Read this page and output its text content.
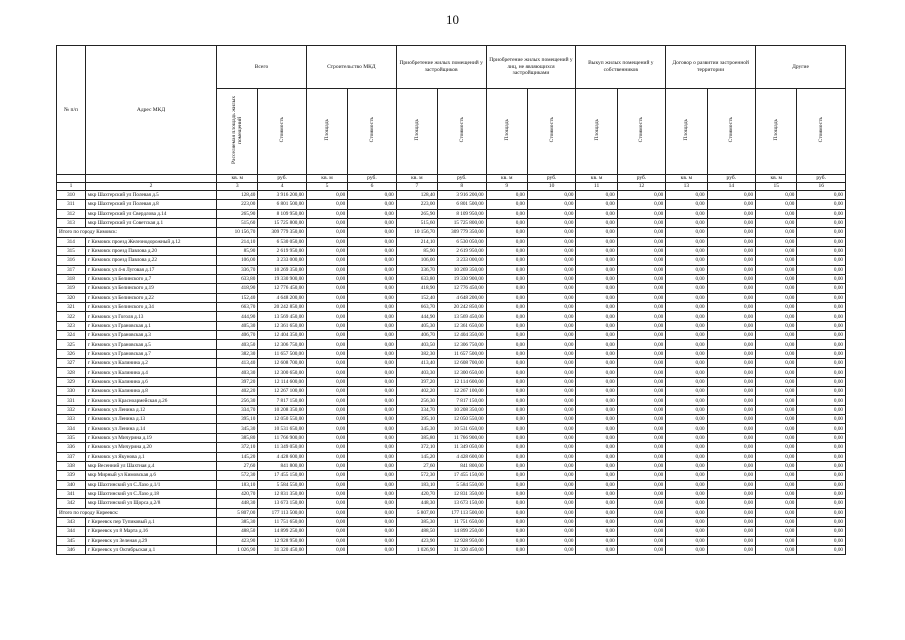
10
№ п/п	Адрес МКД	Всего		Строительство МКД		Приобретение жилых помещений у застройщиков		Приобретение жилых помещений у лиц, не являющихся застройщиками		Выкуп жилых помещений у собственников		Договор о развитии застроенной территории		Другие	
		Расселяемая площадь жилых помещений	Стоимость	Площадь	Стоимость	Площадь	Стоимость	Площадь	Стоимость	Площадь	Стоимость	Площадь	Стоимость	Площадь	Стоимость
		кв. м	руб.	кв. м	руб.	кв. м	руб.	кв. м	руб.	кв. м	руб.	кв. м	руб.	кв. м	руб.
1	2	3	4	5	6	7	8	9	10	11	12	13	14	15	16
310	мкр Шахтерский ул Полевая д.5	128,40	3 916 200,00	0,00	0,00	128,40	3 916 200,00	0,00	0,00	0,00	0,00	0,00	0,00	0,00	0,00
311	мкр Шахтерский ул Полевая д.8	223,00	6 801 500,00	0,00	0,00	223,00	6 801 500,00	0,00	0,00	0,00	0,00	0,00	0,00	0,00	0,00
312	мкр Шахтерский ул Свердлова д.14	265,90	8 109 950,00	0,00	0,00	265,90	8 109 950,00	0,00	0,00	0,00	0,00	0,00	0,00	0,00	0,00
313	мкр Шахтерский ул Советская д.1	515,60	15 725 800,00	0,00	0,00	515,60	15 725 800,00	0,00	0,00	0,00	0,00	0,00	0,00	0,00	0,00
Итого по городу Кимовск:		10 156,70	309 779 350,00	0,00	0,00	10 156,70	309 779 350,00	0,00	0,00	0,00	0,00	0,00	0,00	0,00	0,00
314	г Кимовск проезд Железнодорожный д.12	214,10	6 530 050,00	0,00	0,00	214,10	6 530 050,00	0,00	0,00	0,00	0,00	0,00	0,00	0,00	0,00
315	г Кимовск проезд Павлова д.20	85,90	2 619 950,00	0,00	0,00	85,90	2 619 950,00	0,00	0,00	0,00	0,00	0,00	0,00	0,00	0,00
316	г Кимовск проезд Павлова д.22	106,00	3 233 000,00	0,00	0,00	106,00	3 233 000,00	0,00	0,00	0,00	0,00	0,00	0,00	0,00	0,00
317	г Кимовск ул 4-я Луговая д.17	336,70	10 269 350,00	0,00	0,00	336,70	10 269 350,00	0,00	0,00	0,00	0,00	0,00	0,00	0,00	0,00
318	г Кимовск ул Белинского д.7	633,80	19 330 900,00	0,00	0,00	633,80	19 330 900,00	0,00	0,00	0,00	0,00	0,00	0,00	0,00	0,00
319	г Кимовск ул Белинского д.19	418,90	12 776 450,00	0,00	0,00	418,90	12 776 450,00	0,00	0,00	0,00	0,00	0,00	0,00	0,00	0,00
320	г Кимовск ул Белинского д.22	152,40	4 648 200,00	0,00	0,00	152,40	4 648 200,00	0,00	0,00	0,00	0,00	0,00	0,00	0,00	0,00
321	г Кимовск ул Белинского д.34	663,70	20 242 850,00	0,00	0,00	663,70	20 242 850,00	0,00	0,00	0,00	0,00	0,00	0,00	0,00	0,00
322	г Кимовск ул Гоголя д.13	444,90	13 569 450,00	0,00	0,00	444,90	13 569 450,00	0,00	0,00	0,00	0,00	0,00	0,00	0,00	0,00
323	г Кимовск ул Грановская д.1	405,30	12 361 650,00	0,00	0,00	405,30	12 361 650,00	0,00	0,00	0,00	0,00	0,00	0,00	0,00	0,00
324	г Кимовск ул Грановская д.3	406,70	12 404 350,00	0,00	0,00	406,70	12 404 350,00	0,00	0,00	0,00	0,00	0,00	0,00	0,00	0,00
325	г Кимовск ул Грановская д.5	403,50	12 306 750,00	0,00	0,00	403,50	12 306 750,00	0,00	0,00	0,00	0,00	0,00	0,00	0,00	0,00
326	г Кимовск ул Грановская д.7	382,30	11 657 500,00	0,00	0,00	382,30	11 657 500,00	0,00	0,00	0,00	0,00	0,00	0,00	0,00	0,00
327	г Кимовск ул Калинина д.2	413,40	12 608 700,00	0,00	0,00	413,40	12 608 700,00	0,00	0,00	0,00	0,00	0,00	0,00	0,00	0,00
328	г Кимовск ул Калинина д.4	403,30	12 300 650,00	0,00	0,00	403,30	12 300 650,00	0,00	0,00	0,00	0,00	0,00	0,00	0,00	0,00
329	г Кимовск ул Калинина д.6	397,20	12 114 600,00	0,00	0,00	397,20	12 114 600,00	0,00	0,00	0,00	0,00	0,00	0,00	0,00	0,00
330	г Кимовск ул Калинина д.8	402,20	12 267 100,00	0,00	0,00	402,20	12 267 100,00	0,00	0,00	0,00	0,00	0,00	0,00	0,00	0,00
331	г Кимовск ул Красноармейская д.26	256,30	7 817 150,00	0,00	0,00	256,30	7 817 150,00	0,00	0,00	0,00	0,00	0,00	0,00	0,00	0,00
332	г Кимовск ул Ленина д.12	334,70	10 208 350,00	0,00	0,00	334,70	10 208 350,00	0,00	0,00	0,00	0,00	0,00	0,00	0,00	0,00
333	г Кимовск ул Ленина д.13	395,10	12 050 550,00	0,00	0,00	395,10	12 050 550,00	0,00	0,00	0,00	0,00	0,00	0,00	0,00	0,00
334	г Кимовск ул Ленина д.14	345,30	10 531 650,00	0,00	0,00	345,30	10 531 650,00	0,00	0,00	0,00	0,00	0,00	0,00	0,00	0,00
335	г Кимовск ул Мичурина д.19	385,80	11 766 900,00	0,00	0,00	385,80	11 766 900,00	0,00	0,00	0,00	0,00	0,00	0,00	0,00	0,00
336	г Кимовск ул Мичурина д.20	372,10	11 349 050,00	0,00	0,00	372,10	11 349 050,00	0,00	0,00	0,00	0,00	0,00	0,00	0,00	0,00
337	г Кимовск ул Якунова д.1	145,20	4 428 600,00	0,00	0,00	145,20	4 428 600,00	0,00	0,00	0,00	0,00	0,00	0,00	0,00	0,00
338	мкр Весенний ул Шахтная д.4	27,60	841 800,00	0,00	0,00	27,60	841 800,00	0,00	0,00	0,00	0,00	0,00	0,00	0,00	0,00
339	мкр Мирный ул Кимовская д.6	572,30	17 455 150,00	0,00	0,00	572,30	17 455 150,00	0,00	0,00	0,00	0,00	0,00	0,00	0,00	0,00
340	мкр Шахтинский ул С.Лазо д.1/1	183,10	5 584 550,00	0,00	0,00	183,10	5 584 550,00	0,00	0,00	0,00	0,00	0,00	0,00	0,00	0,00
341	мкр Шахтинский ул С.Лазо д.18	420,70	12 831 350,00	0,00	0,00	420,70	12 831 350,00	0,00	0,00	0,00	0,00	0,00	0,00	0,00	0,00
342	мкр Шахтинский ул Щорса д.2/8	448,30	13 673 150,00	0,00	0,00	448,30	13 673 150,00	0,00	0,00	0,00	0,00	0,00	0,00	0,00	0,00
Итого по городу Киреевск:		5 807,00	177 113 500,00	0,00	0,00	5 807,00	177 113 500,00	0,00	0,00	0,00	0,00	0,00	0,00	0,00	0,00
343	г Киреевск пер Тупиковый д.1	385,30	11 751 650,00	0,00	0,00	385,30	11 751 650,00	0,00	0,00	0,00	0,00	0,00	0,00	0,00	0,00
344	г Киреевск ул 8 Марта д.16	488,50	14 899 250,00	0,00	0,00	488,50	14 899 250,00	0,00	0,00	0,00	0,00	0,00	0,00	0,00	0,00
345	г Киреевск ул Зеленая д.29	423,90	12 928 950,00	0,00	0,00	423,90	12 928 950,00	0,00	0,00	0,00	0,00	0,00	0,00	0,00	0,00
346	г Киреевск ул Октябрьская д.1	1 026,90	31 320 450,00	0,00	0,00	1 026,90	31 320 450,00	0,00	0,00	0,00	0,00	0,00	0,00	0,00	0,00
